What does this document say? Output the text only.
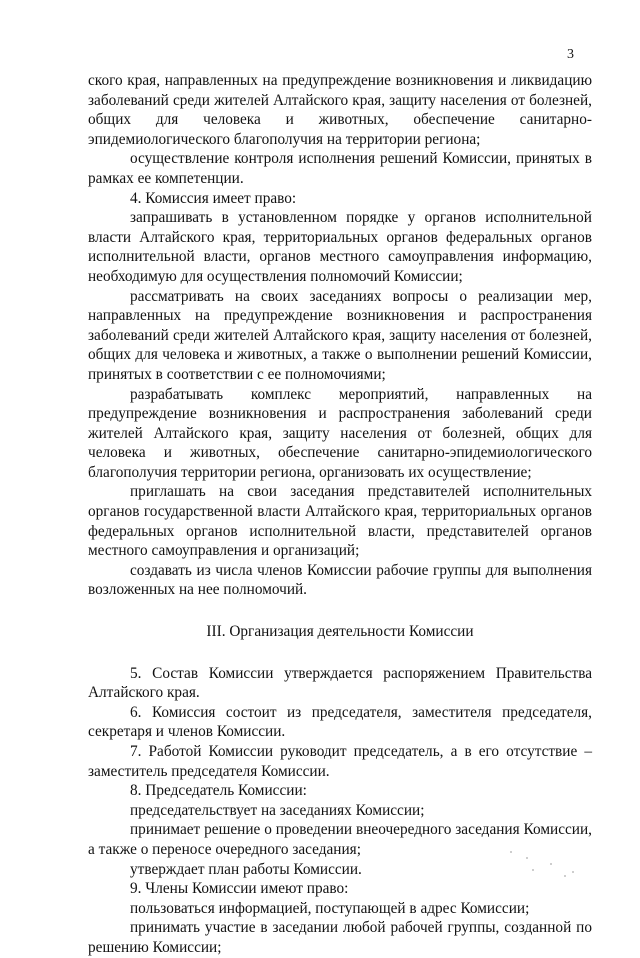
3

ского края, направленных на предупреждение возникновения и ликвидацию заболеваний среди жителей Алтайского края, защиту населения от болезней, общих для человека и животных, обеспечение санитарно-эпидемиологического благополучия на территории региона;

осуществление контроля исполнения решений Комиссии, принятых в рамках ее компетенции.

4. Комиссия имеет право:

запрашивать в установленном порядке у органов исполнительной власти Алтайского края, территориальных органов федеральных органов исполнительной власти, органов местного самоуправления информацию, необходимую для осуществления полномочий Комиссии;

рассматривать на своих заседаниях вопросы о реализации мер, направленных на предупреждение возникновения и распространения заболеваний среди жителей Алтайского края, защиту населения от болезней, общих для человека и животных, а также о выполнении решений Комиссии, принятых в соответствии с ее полномочиями;

разрабатывать комплекс мероприятий, направленных на предупреждение возникновения и распространения заболеваний среди жителей Алтайского края, защиту населения от болезней, общих для человека и животных, обеспечение санитарно-эпидемиологического благополучия территории региона, организовать их осуществление;

приглашать на свои заседания представителей исполнительных органов государственной власти Алтайского края, территориальных органов федеральных органов исполнительной власти, представителей органов местного самоуправления и организаций;

создавать из числа членов Комиссии рабочие группы для выполнения возложенных на нее полномочий.

III. Организация деятельности Комиссии

5. Состав Комиссии утверждается распоряжением Правительства Алтайского края.

6. Комиссия состоит из председателя, заместителя председателя, секретаря и членов Комиссии.

7. Работой Комиссии руководит председатель, а в его отсутствие – заместитель председателя Комиссии.

8. Председатель Комиссии:

председательствует на заседаниях Комиссии;

принимает решение о проведении внеочередного заседания Комиссии, а также о переносе очередного заседания;

утверждает план работы Комиссии.

9. Члены Комиссии имеют право:

пользоваться информацией, поступающей в адрес Комиссии;

принимать участие в заседании любой рабочей группы, созданной по решению Комиссии;
